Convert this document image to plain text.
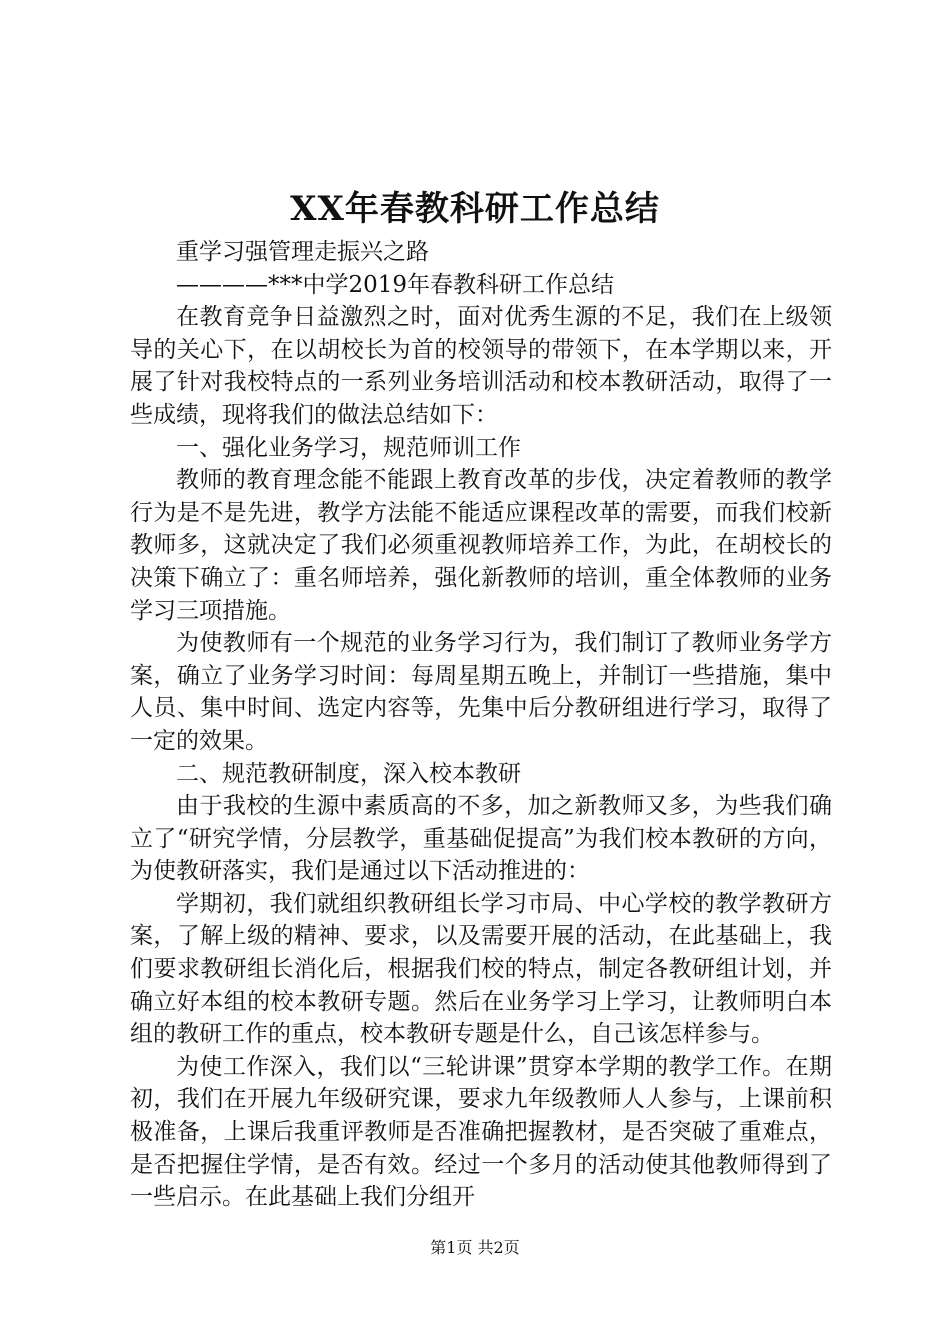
XX年春教科研工作总结

重学习强管理走振兴之路

————***中学2019年春教科研工作总结

在教育竞争日益激烈之时，面对优秀生源的不足，我们在上级领导的关心下，在以胡校长为首的校领导的带领下，在本学期以来，开展了针对我校特点的一系列业务培训活动和校本教研活动，取得了一些成绩，现将我们的做法总结如下：

一、强化业务学习，规范师训工作

教师的教育理念能不能跟上教育改革的步伐，决定着教师的教学行为是不是先进，教学方法能不能适应课程改革的需要，而我们校新教师多，这就决定了我们必须重视教师培养工作，为此，在胡校长的决策下确立了：重名师培养，强化新教师的培训，重全体教师的业务学习三项措施。

为使教师有一个规范的业务学习行为，我们制订了教师业务学方案，确立了业务学习时间：每周星期五晚上，并制订一些措施，集中人员、集中时间、选定内容等，先集中后分教研组进行学习，取得了一定的效果。

二、规范教研制度，深入校本教研

由于我校的生源中素质高的不多，加之新教师又多，为些我们确立了“研究学情，分层教学，重基础促提高”为我们校本教研的方向，为使教研落实，我们是通过以下活动推进的：

学期初，我们就组织教研组长学习市局、中心学校的教学教研方案，了解上级的精神、要求，以及需要开展的活动，在此基础上，我们要求教研组长消化后，根据我们校的特点，制定各教研组计划，并确立好本组的校本教研专题。然后在业务学习上学习，让教师明白本组的教研工作的重点，校本教研专题是什么，自己该怎样参与。

为使工作深入，我们以“三轮讲课”贯穿本学期的教学工作。在期初，我们在开展九年级研究课，要求九年级教师人人参与，上课前积极准备，上课后我重评教师是否准确把握教材，是否突破了重难点，是否把握住学情，是否有效。经过一个多月的活动使其他教师得到了一些启示。在此基础上我们分组开

第1页 共2页
